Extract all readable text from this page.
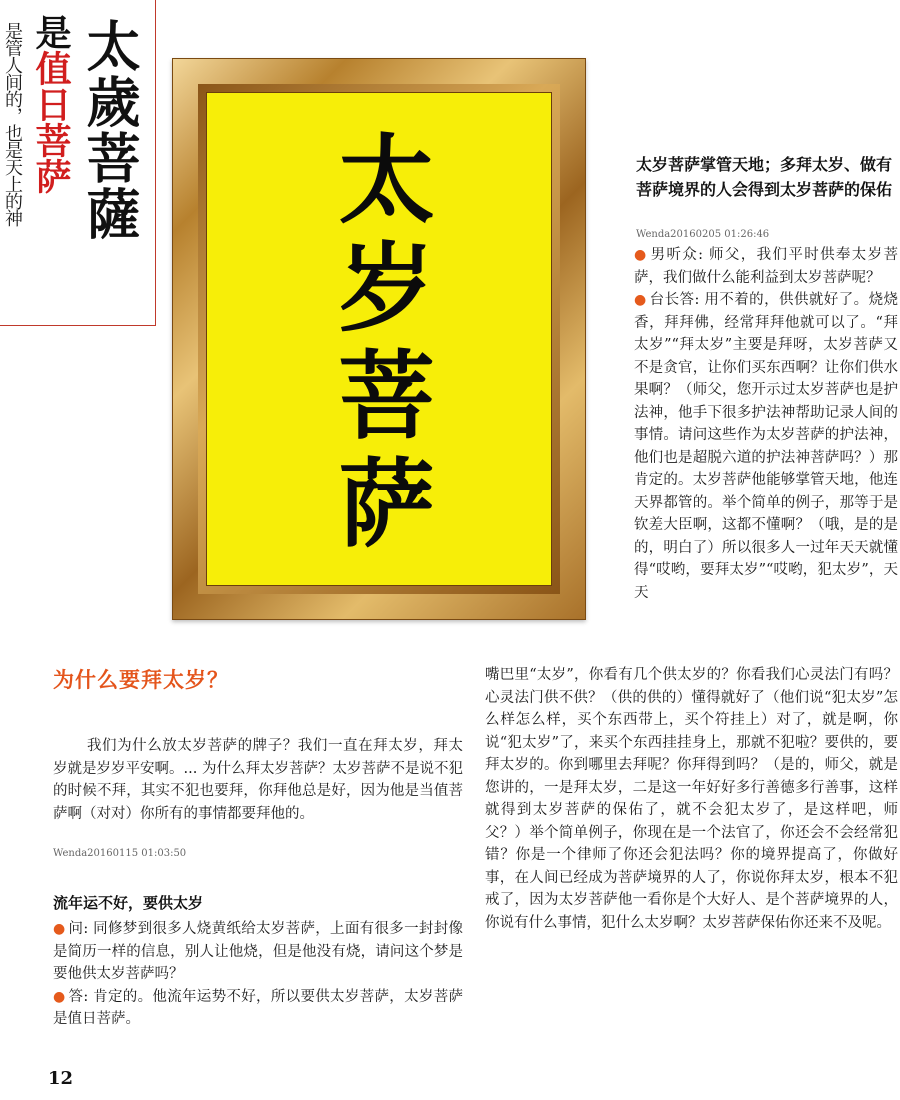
是管人间的，也是天上的神 是值日菩萨 太歲菩薩 太岁菩萨	太岁菩萨掌管天地；多拜太岁、做有菩萨境界的人会得到太岁菩萨的保佑
Wenda20160205 01:26:46
● 男听众: 师父，我们平时供奉太岁菩萨，我们做什么能利益到太岁菩萨呢？
● 台长答: 用不着的，供供就好了。烧烧香，拜拜佛，经常拜拜他就可以了。“拜太岁”“拜太岁”主要是拜呀，太岁菩萨又不是贪官，让你们买东西啊？让你们供水果啊？（师父，您开示过太岁菩萨也是护法神，他手下很多护法神帮助记录人间的事情。请问这些作为太岁菩萨的护法神，他们也是超脱六道的护法神菩萨吗？）那肯定的。太岁菩萨他能够掌管天地，他连天界都管的。举个简单的例子，那等于是钦差大臣啊，这都不懂啊？（哦，是的是的，明白了）所以很多人一过年天天就懂得“哎哟，要拜太岁”“哎哟，犯太岁”，天天
嘴巴里“太岁”，你看有几个供太岁的？你看我们心灵法门有吗？心灵法门供不供？（供的供的）懂得就好了（他们说“犯太岁”怎么样怎么样，买个东西带上，买个符挂上）对了，就是啊，你说“犯太岁”了，来买个东西挂挂身上，那就不犯啦？要供的，要拜太岁的。你到哪里去拜呢？你拜得到吗？（是的，师父，就是您讲的，一是拜太岁，二是这一年好好多行善德多行善事，这样就得到太岁菩萨的保佑了，就不会犯太岁了，是这样吧，师父？）举个简单例子，你现在是一个法官了，你还会不会经常犯错？你是一个律师了你还会犯法吗？你的境界提高了，你做好事，在人间已经成为菩萨境界的人了，你说你拜太岁，根本不犯戒了，因为太岁菩萨他一看你是个大好人、是个菩萨境界的人，你说有什么事情，犯什么太岁啊？太岁菩萨保佑你还来不及呢。
为什么要拜太岁？
我们为什么放太岁菩萨的牌子？我们一直在拜太岁，拜太岁就是岁岁平安啊。... 为什么拜太岁菩萨？太岁菩萨不是说不犯的时候不拜，其实不犯也要拜，你拜他总是好，因为他是当值菩萨啊（对对）你所有的事情都要拜他的。
Wenda20160115 01:03:50
流年运不好，要供太岁
● 问: 同修梦到很多人烧黄纸给太岁菩萨，上面有很多一封封像是简历一样的信息，别人让他烧，但是他没有烧，请问这个梦是要他供太岁菩萨吗？
● 答: 肯定的。他流年运势不好，所以要供太岁菩萨，太岁菩萨是值日菩萨。
12
